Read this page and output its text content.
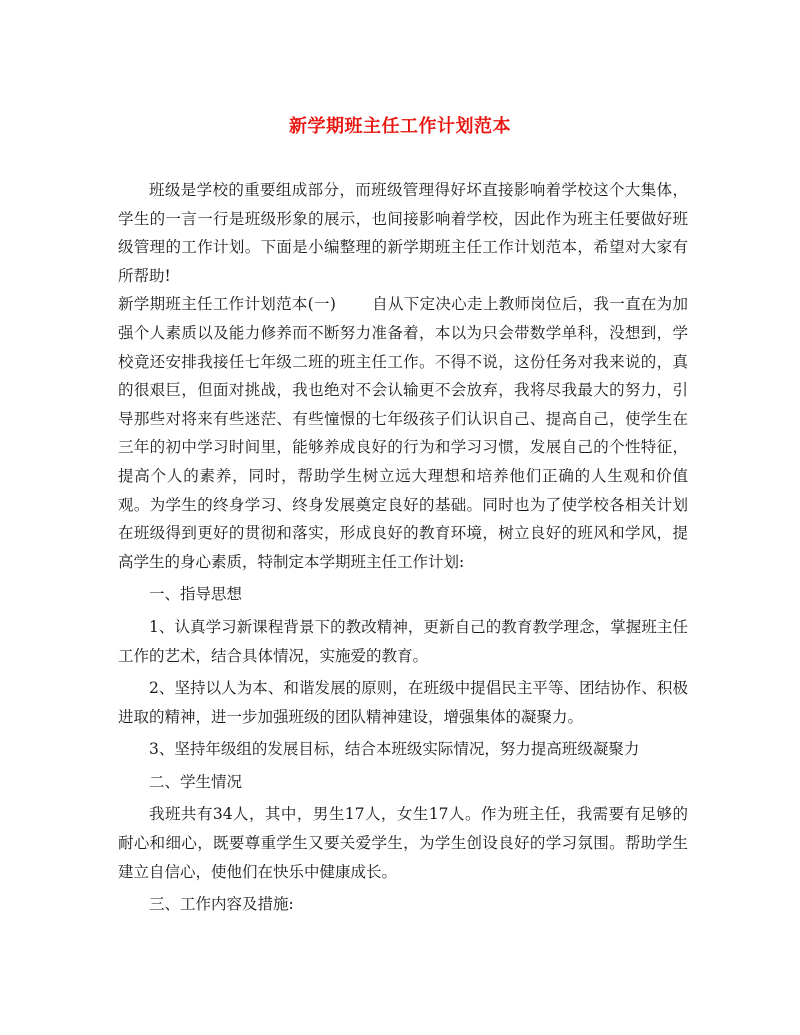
新学期班主任工作计划范本

班级是学校的重要组成部分，而班级管理得好坏直接影响着学校这个大集体，学生的一言一行是班级形象的展示，也间接影响着学校，因此作为班主任要做好班级管理的工作计划。下面是小编整理的新学期班主任工作计划范本，希望对大家有所帮助!

新学期班主任工作计划范本(一) 自从下定决心走上教师岗位后，我一直在为加强个人素质以及能力修养而不断努力准备着，本以为只会带数学单科，没想到，学校竟还安排我接任七年级二班的班主任工作。不得不说，这份任务对我来说的，真的很艰巨，但面对挑战，我也绝对不会认输更不会放弃，我将尽我最大的努力，引导那些对将来有些迷茫、有些憧憬的七年级孩子们认识自己、提高自己，使学生在三年的初中学习时间里，能够养成良好的行为和学习习惯，发展自己的个性特征，提高个人的素养，同时，帮助学生树立远大理想和培养他们正确的人生观和价值观。为学生的终身学习、终身发展奠定良好的基础。同时也为了使学校各相关计划在班级得到更好的贯彻和落实，形成良好的教育环境，树立良好的班风和学风，提高学生的身心素质，特制定本学期班主任工作计划:

一、指导思想

1、认真学习新课程背景下的教改精神，更新自己的教育教学理念，掌握班主任工作的艺术，结合具体情况，实施爱的教育。

2、坚持以人为本、和谐发展的原则，在班级中提倡民主平等、团结协作、积极进取的精神，进一步加强班级的团队精神建设，增强集体的凝聚力。

3、坚持年级组的发展目标，结合本班级实际情况，努力提高班级凝聚力

二、学生情况

我班共有34人，其中，男生17人，女生17人。作为班主任，我需要有足够的耐心和细心，既要尊重学生又要关爱学生，为学生创设良好的学习氛围。帮助学生建立自信心，使他们在快乐中健康成长。

三、工作内容及措施:
